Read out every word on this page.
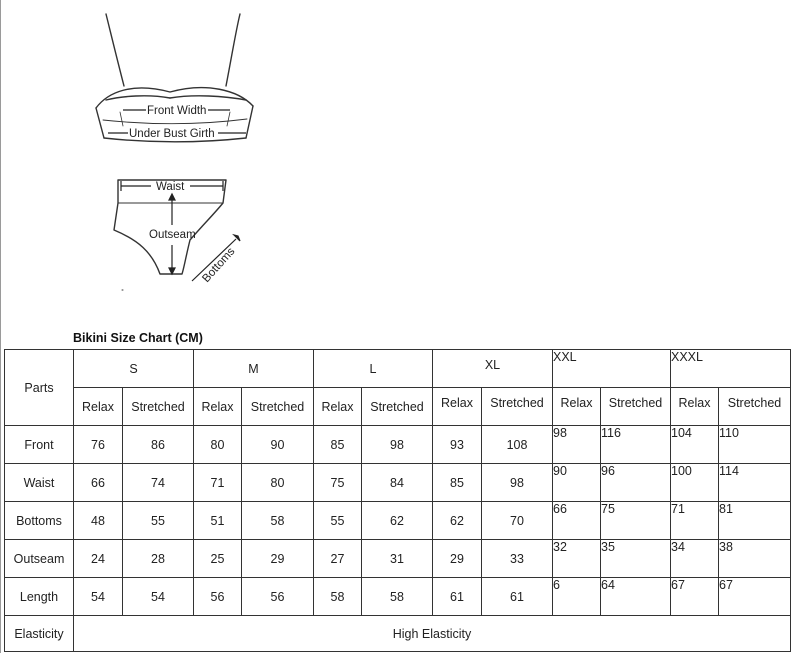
Front Width
Under Bust Girth
Waist
Outseam
Bottoms
Bikini Size Chart (CM)
Parts	S		M		L		XL		XXL		XXXL	
	Relax	Stretched	Relax	Stretched	Relax	Stretched	Relax	Stretched	Relax	Stretched	Relax	Stretched
Front	76	86	80	90	85	98	93	108	98	116	104	110
Waist	66	74	71	80	75	84	85	98	90	96	100	114
Bottoms	48	55	51	58	55	62	62	70	66	75	71	81
Outseam	24	28	25	29	27	31	29	33	32	35	34	38
Length	54	54	56	56	58	58	61	61	6	64	67	67
Elasticity	High Elasticity											
